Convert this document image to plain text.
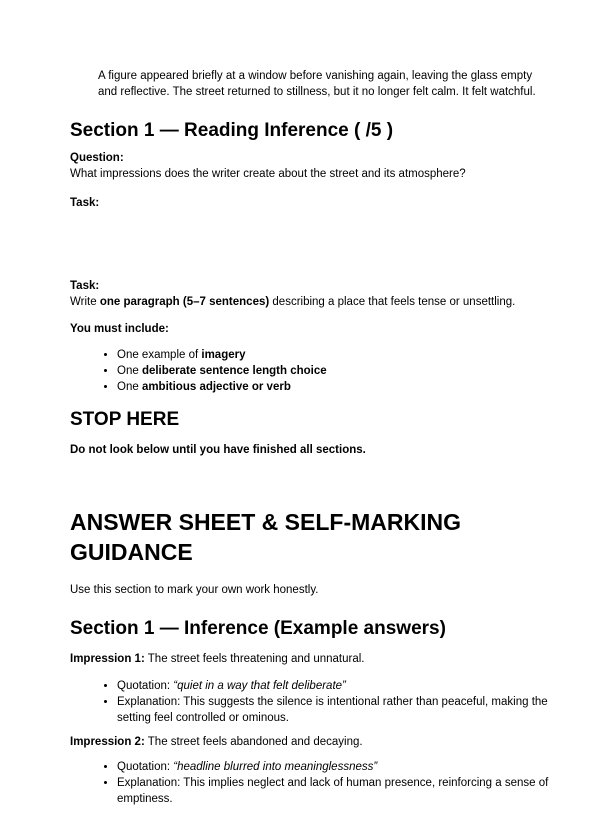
A figure appeared briefly at a window before vanishing again, leaving the glass empty and reflective. The street returned to stillness, but it no longer felt calm. It felt watchful.

Section 1 — Reading Inference ( /5 )
Question:
What impressions does the writer create about the street and its atmosphere?
Task:
Task:
Write one paragraph (5–7 sentences) describing a place that feels tense or unsettling.
You must include:
• One example of imagery
• One deliberate sentence length choice
• One ambitious adjective or verb
STOP HERE

Do not look below until you have finished all sections.

ANSWER SHEET & SELF-MARKING GUIDANCE

Use this section to mark your own work honestly.

Section 1 — Inference (Example answers)

Impression 1: The street feels threatening and unnatural.

• Quotation: “quiet in a way that felt deliberate”
• Explanation: This suggests the silence is intentional rather than peaceful, making the setting feel controlled or ominous.

Impression 2: The street feels abandoned and decaying.

• Quotation: “headline blurred into meaninglessness”
• Explanation: This implies neglect and lack of human presence, reinforcing a sense of emptiness.
